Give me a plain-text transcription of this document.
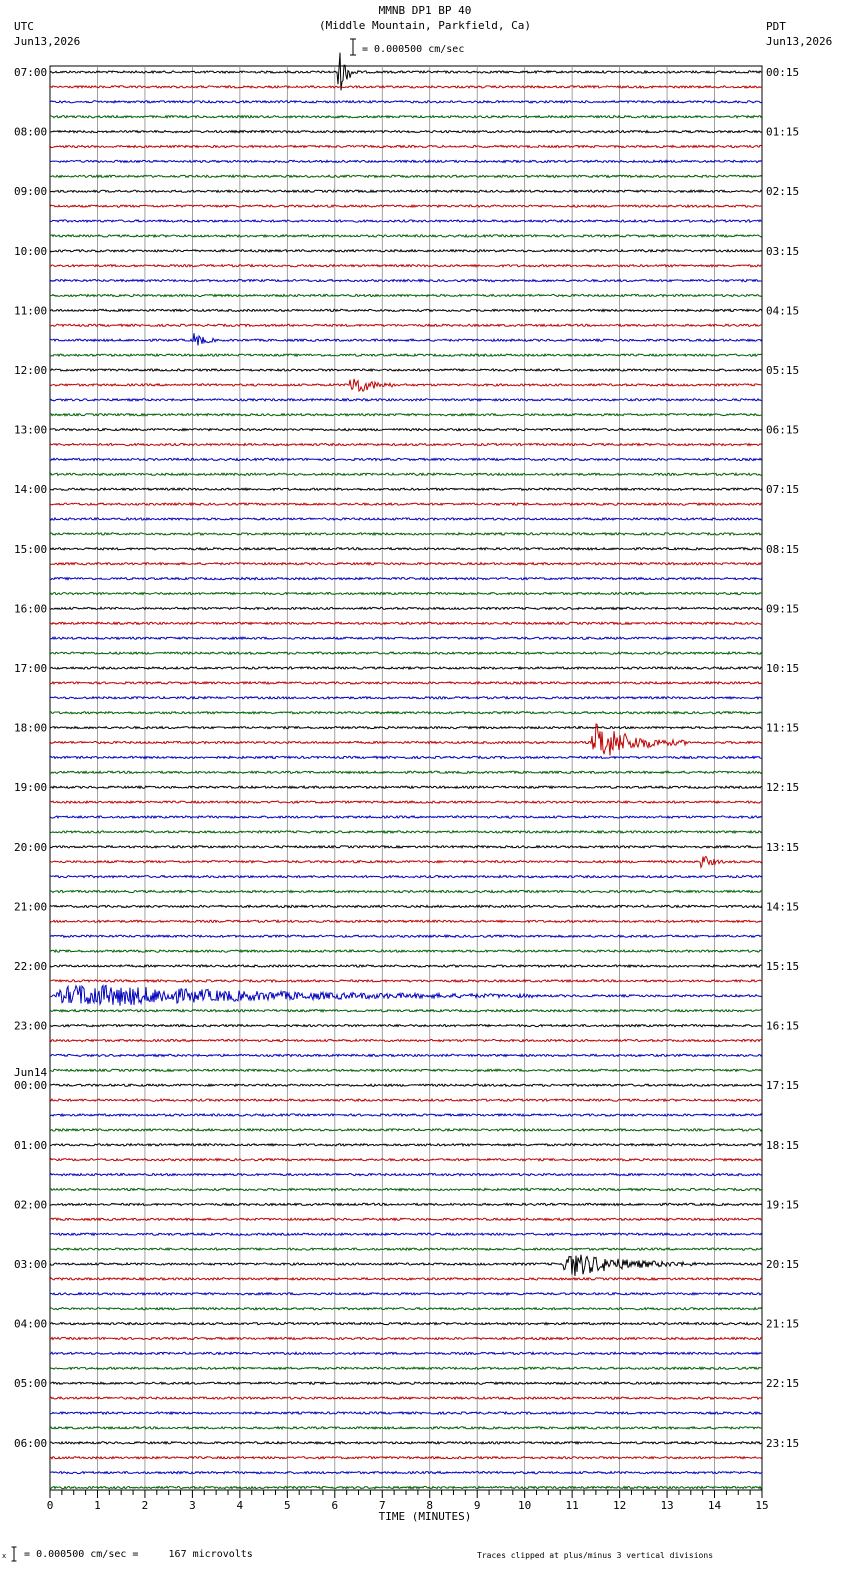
MMNB DP1 BP 40
(Middle Mountain, Parkfield, Ca)
UTC
Jun13,2026
PDT
Jun13,2026
= 0.000500 cm/sec
07:00	00:15
08:00	01:15
09:00	02:15
10:00	03:15
11:00	04:15
12:00	05:15
13:00	06:15
14:00	07:15
15:00	08:15
16:00	09:15
17:00	10:15
18:00	11:15
19:00	12:15
20:00	13:15
21:00	14:15
22:00	15:15
23:00	16:15
00:00	17:15
01:00	18:15
02:00	19:15
03:00	20:15
04:00	21:15
05:00	22:15
06:00	23:15
Jun14
0	1	2	3	4	5	6	7	8	9	10	11	12	13	14	15
TIME (MINUTES)
x = 0.000500 cm/sec =     167 microvolts	Traces clipped at plus/minus 3 vertical divisions
